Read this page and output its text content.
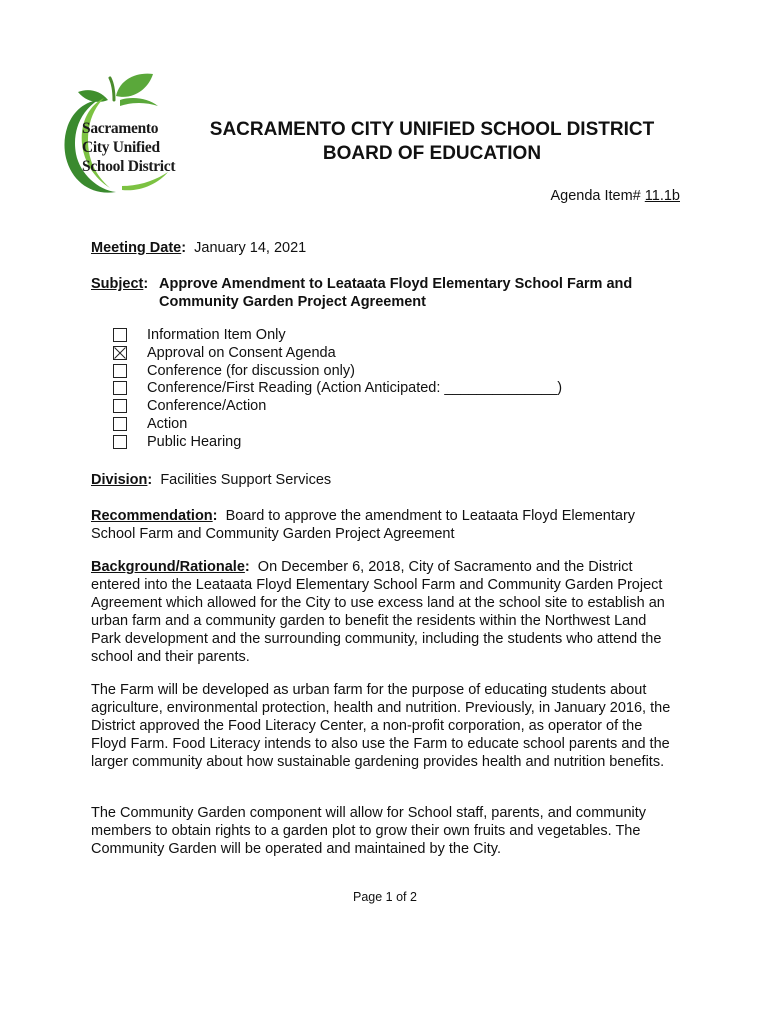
Sacramento
City Unified
School District
SACRAMENTO CITY UNIFIED SCHOOL DISTRICT
BOARD OF EDUCATION
Agenda Item# 11.1b
Meeting Date: January 14, 2021
Subject: Approve Amendment to Leataata Floyd Elementary School Farm and Community Garden Project Agreement
Information Item Only
Approval on Consent Agenda
Conference (for discussion only)
Conference/First Reading (Action Anticipated: ______________)
Conference/Action
Action
Public Hearing
Division: Facilities Support Services
Recommendation: Board to approve the amendment to Leataata Floyd Elementary School Farm and Community Garden Project Agreement
Background/Rationale: On December 6, 2018, City of Sacramento and the District entered into the Leataata Floyd Elementary School Farm and Community Garden Project Agreement which allowed for the City to use excess land at the school site to establish an urban farm and a community garden to benefit the residents within the Northwest Land Park development and the surrounding community, including the students who attend the school and their parents.
The Farm will be developed as urban farm for the purpose of educating students about agriculture, environmental protection, health and nutrition. Previously, in January 2016, the District approved the Food Literacy Center, a non-profit corporation, as operator of the Floyd Farm. Food Literacy intends to also use the Farm to educate school parents and the larger community about how sustainable gardening provides health and nutrition benefits.
The Community Garden component will allow for School staff, parents, and community members to obtain rights to a garden plot to grow their own fruits and vegetables. The Community Garden will be operated and maintained by the City.
Page 1 of 2
